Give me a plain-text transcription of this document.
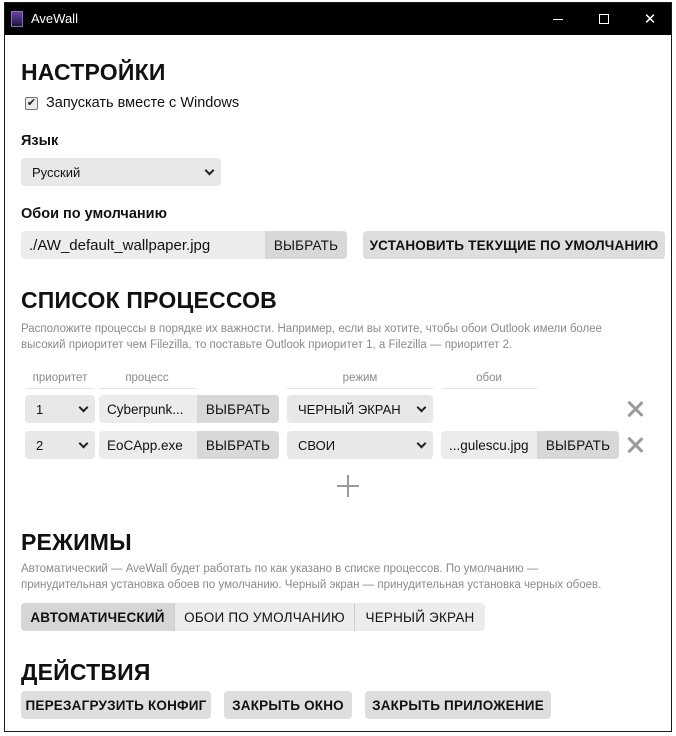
AveWall	✕
НАСТРОЙКИ
✔ Запускать вместе с Windows
Язык
Русский
Обои по умолчанию
./AW_default_wallpaper.jpg	ВЫБРАТЬ	УСТАНОВИТЬ ТЕКУЩИЕ ПО УМОЛЧАНИЮ
СПИСОК ПРОЦЕССОВ
Расположите процессы в порядке их важности. Например, если вы хотите, чтобы обои Outlook имели более
высокий приоритет чем Filezilla, то поставьте Outlook приоритет 1, а Filezilla — приоритет 2.
приоритет	процесс	режим	обои
1	Cyberpunk...	ВЫБРАТЬ	ЧЕРНЫЙ ЭКРАН
2	EoCApp.exe	ВЫБРАТЬ	СВОИ	...gulescu.jpg	ВЫБРАТЬ
РЕЖИМЫ
Автоматический — AveWall будет работать по как указано в списке процессов. По умолчанию —
принудительная установка обоев по умолчанию. Черный экран — принудительная установка черных обоев.
АВТОМАТИЧЕСКИЙ	ОБОИ ПО УМОЛЧАНИЮ	ЧЕРНЫЙ ЭКРАН
ДЕЙСТВИЯ
ПЕРЕЗАГРУЗИТЬ КОНФИГ	ЗАКРЫТЬ ОКНО	ЗАКРЫТЬ ПРИЛОЖЕНИЕ
